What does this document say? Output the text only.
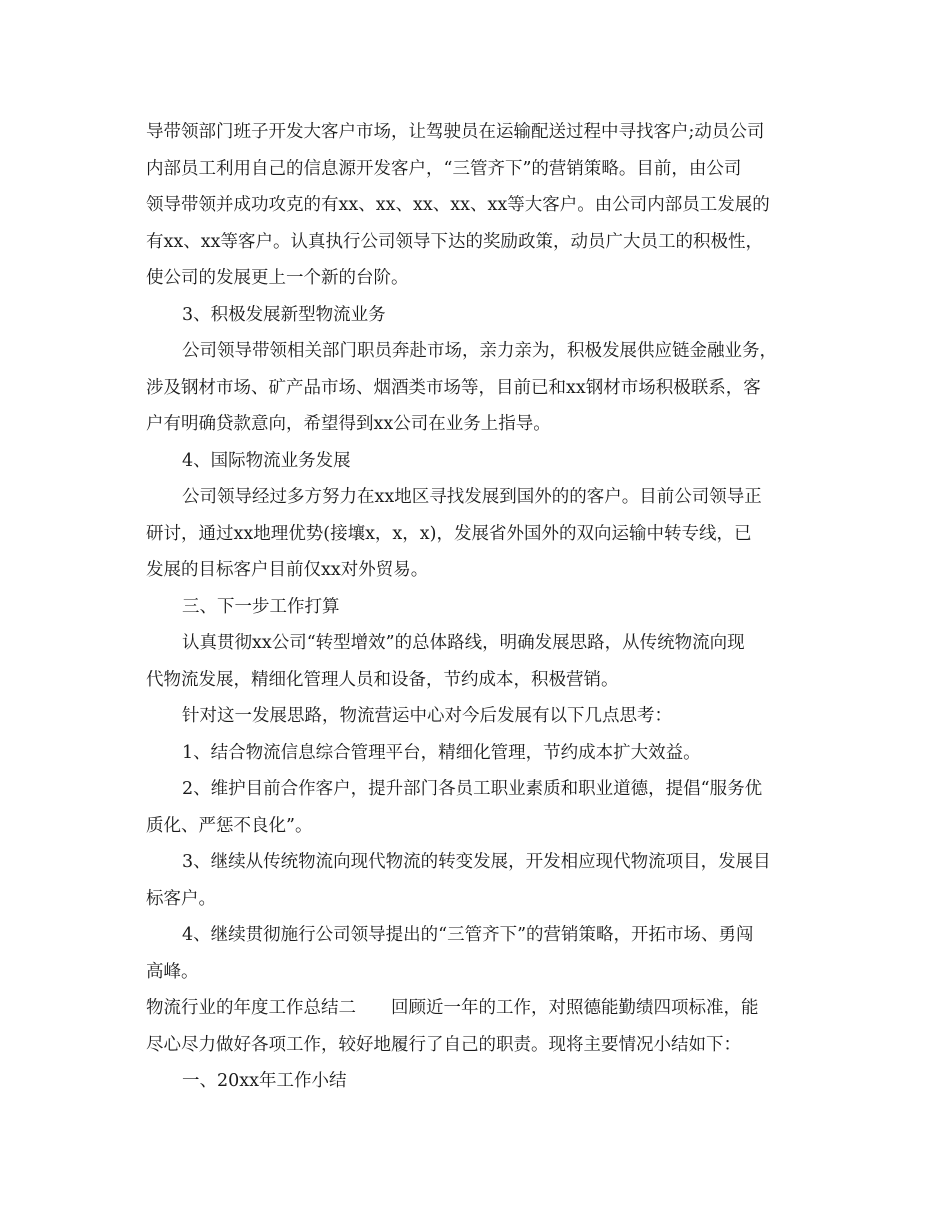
导带领部门班子开发大客户市场，让驾驶员在运输配送过程中寻找客户;动员公司
内部员工利用自己的信息源开发客户，“三管齐下”的营销策略。目前，由公司
领导带领并成功攻克的有xx、xx、xx、xx、xx等大客户。由公司内部员工发展的
有xx、xx等客户。认真执行公司领导下达的奖励政策，动员广大员工的积极性，
使公司的发展更上一个新的台阶。
3、积极发展新型物流业务
公司领导带领相关部门职员奔赴市场，亲力亲为，积极发展供应链金融业务，
涉及钢材市场、矿产品市场、烟酒类市场等，目前已和xx钢材市场积极联系，客
户有明确贷款意向，希望得到xx公司在业务上指导。
4、国际物流业务发展
公司领导经过多方努力在xx地区寻找发展到国外的的客户。目前公司领导正
研讨，通过xx地理优势(接壤x，x，x)，发展省外国外的双向运输中转专线，已
发展的目标客户目前仅xx对外贸易。
三、下一步工作打算
认真贯彻xx公司“转型增效”的总体路线，明确发展思路，从传统物流向现
代物流发展，精细化管理人员和设备，节约成本，积极营销。
针对这一发展思路，物流营运中心对今后发展有以下几点思考：
1、结合物流信息综合管理平台，精细化管理，节约成本扩大效益。
2、维护目前合作客户，提升部门各员工职业素质和职业道德，提倡“服务优
质化、严惩不良化”。
3、继续从传统物流向现代物流的转变发展，开发相应现代物流项目，发展目
标客户。
4、继续贯彻施行公司领导提出的“三管齐下”的营销策略，开拓市场、勇闯
高峰。
物流行业的年度工作总结二　　回顾近一年的工作，对照德能勤绩四项标准，能
尽心尽力做好各项工作，较好地履行了自己的职责。现将主要情况小结如下：
一、20xx年工作小结
